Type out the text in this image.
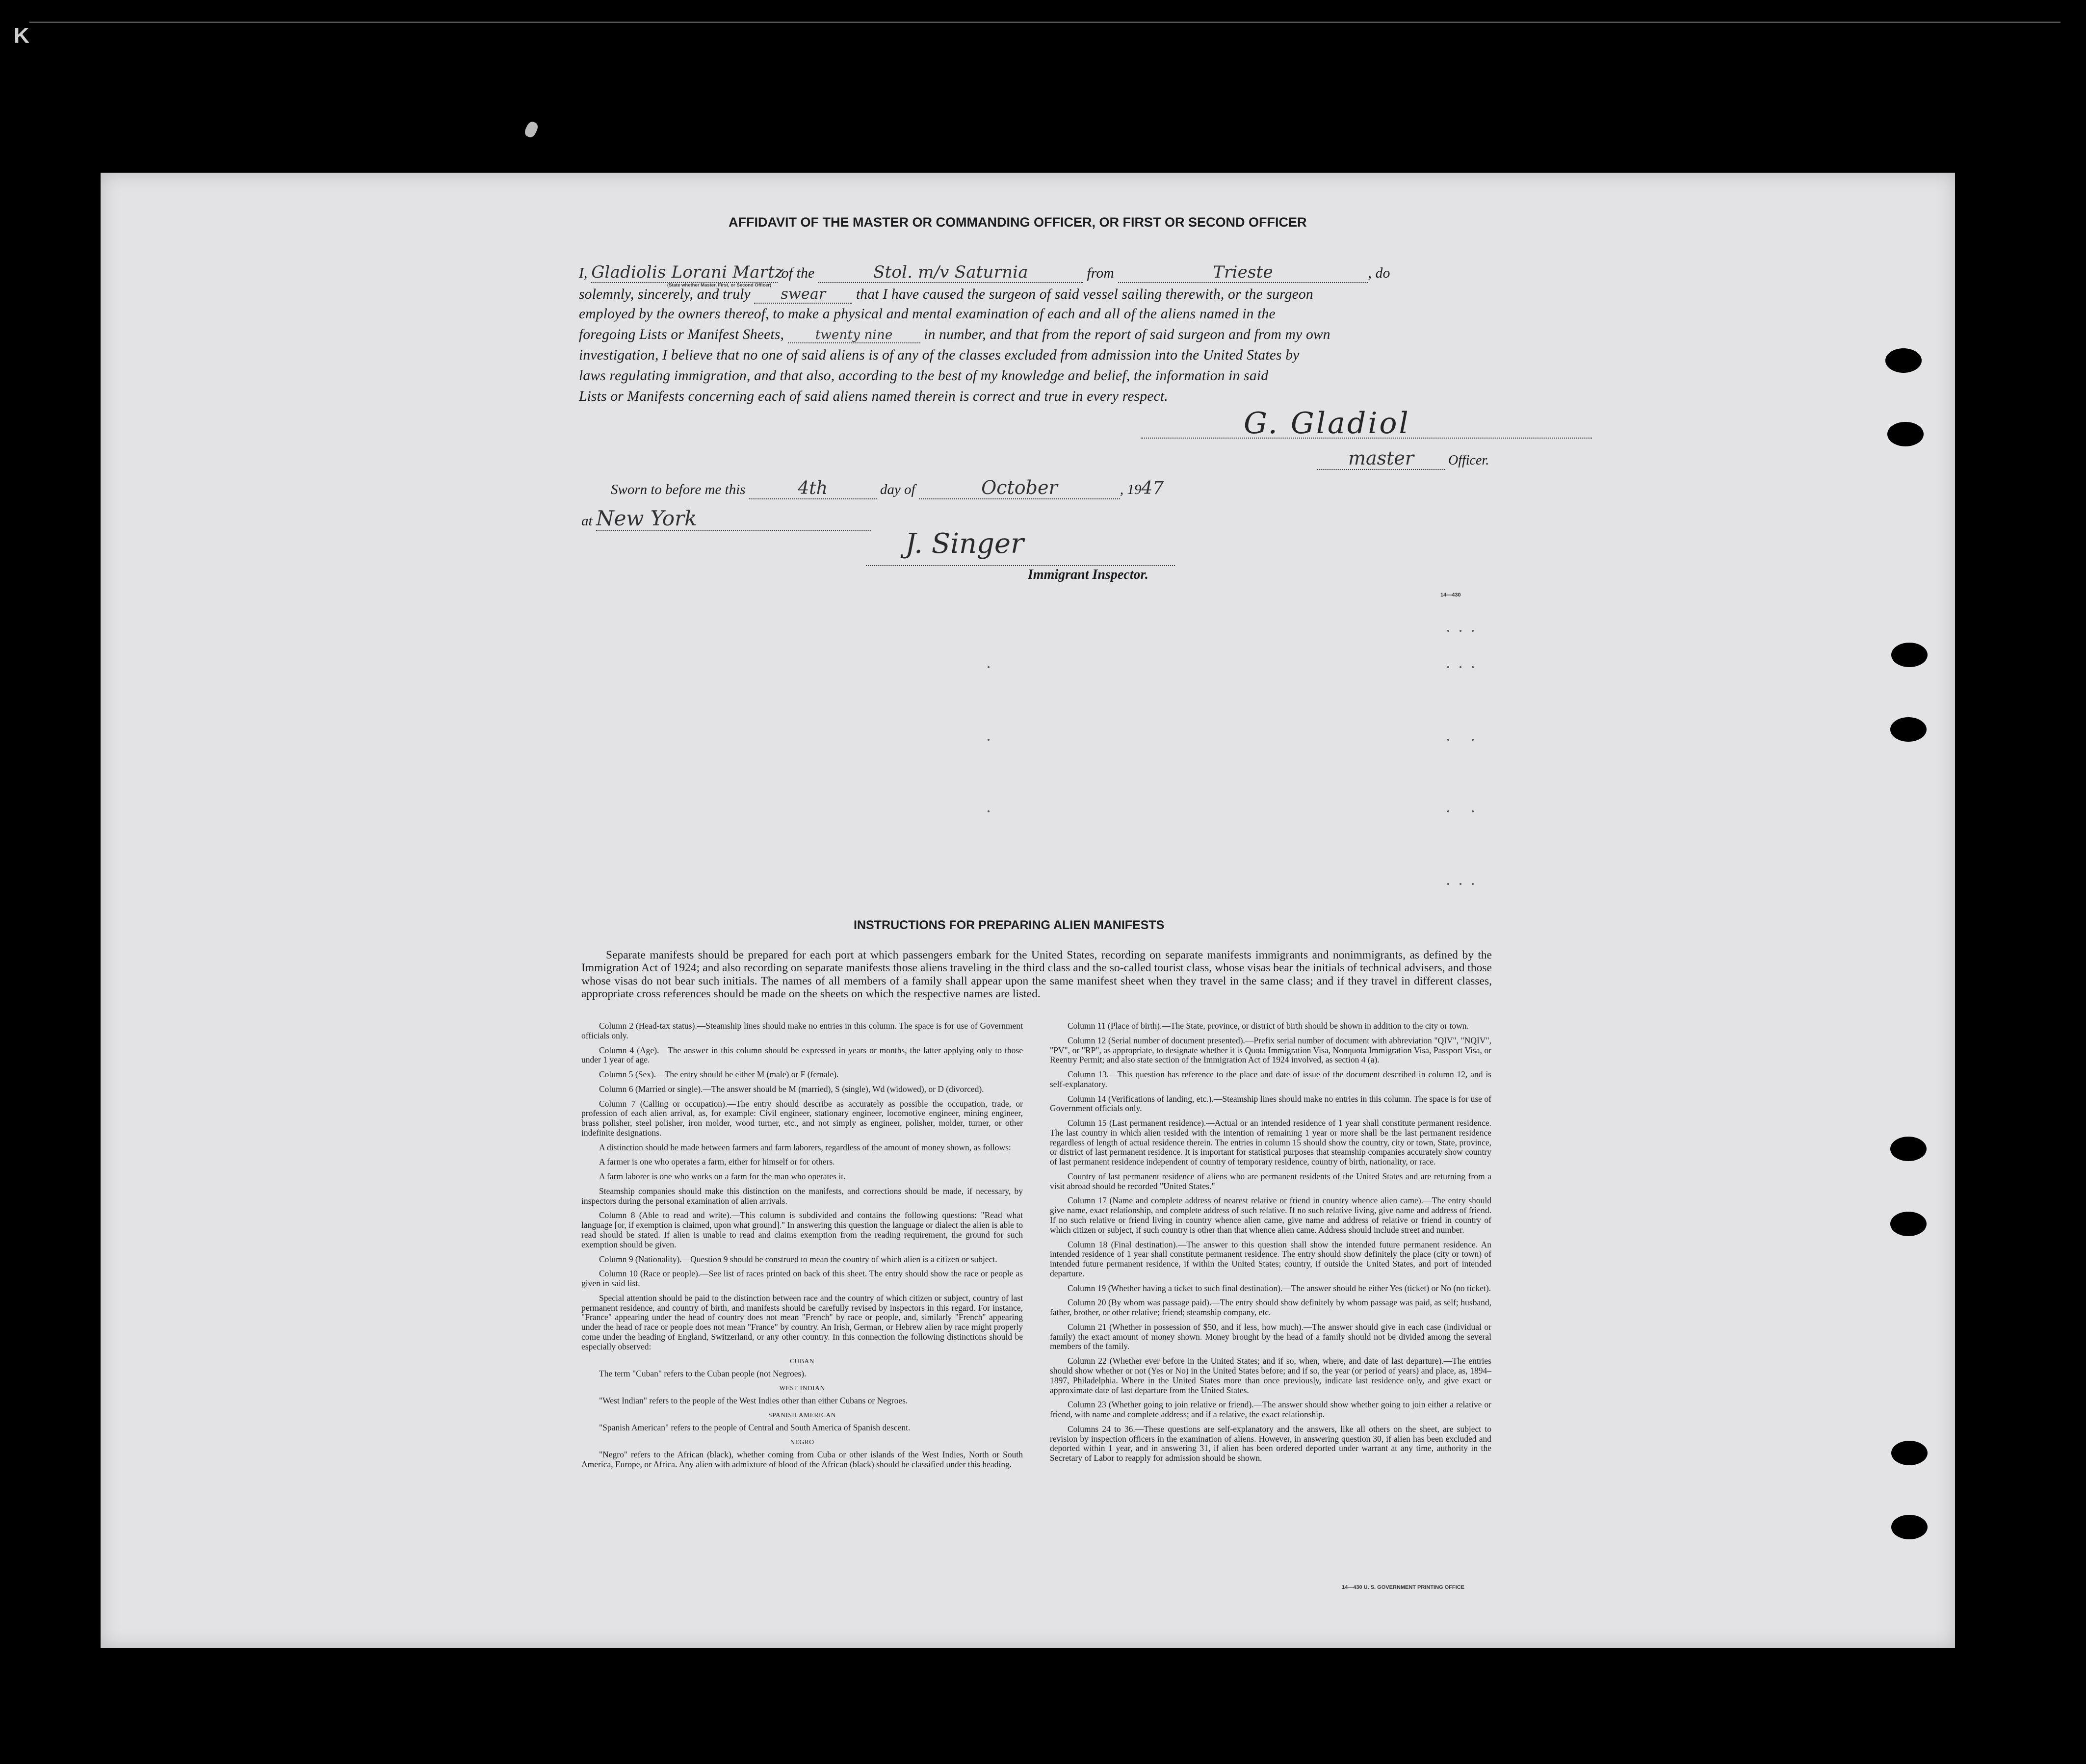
K
AFFIDAVIT OF THE MASTER OR COMMANDING OFFICER, OR FIRST OR SECOND OFFICER
I, Gladiolis Lorani Martz of the	Stol. m/v Saturnia	from	Trieste	, do
(State whether Master, First, or Second Officer)
solemnly, sincerely, and truly swear that I have caused the surgeon of said vessel sailing therewith, or the surgeon
employed by the owners thereof, to make a physical and mental examination of each and all of the aliens named in the
foregoing Lists or Manifest Sheets, twenty nine in number, and that from the report of said surgeon and from my own
investigation, I believe that no one of said aliens is of any of the classes excluded from admission into the United States by
laws regulating immigration, and that also, according to the best of my knowledge and belief, the information in said
Lists or Manifests concerning each of said aliens named therein is correct and true in every respect.
G. Gladiol
master Officer.
Sworn to before me this	4th	day of	October	, 1947
at New York
J. Singer
Immigrant Inspector.
14—430
INSTRUCTIONS FOR PREPARING ALIEN MANIFESTS

Separate manifests should be prepared for each port at which passengers embark for the United States, recording on separate manifests immigrants and nonimmigrants, as defined by the Immigration Act of 1924; and also recording on separate manifests those aliens traveling in the third class and the so-called tourist class, whose visas bear the initials of technical advisers, and those whose visas do not bear such initials. The names of all members of a family shall appear upon the same manifest sheet when they travel in the same class; and if they travel in different classes, appropriate cross references should be made on the sheets on which the respective names are listed.

Column 2 (Head-tax status).—Steamship lines should make no entries in this column. The space is for use of Government officials only.

Column 4 (Age).—The answer in this column should be expressed in years or months, the latter applying only to those under 1 year of age.

Column 5 (Sex).—The entry should be either M (male) or F (female).

Column 6 (Married or single).—The answer should be M (married), S (single), Wd (widowed), or D (divorced).

Column 7 (Calling or occupation).—The entry should describe as accurately as possible the occupation, trade, or profession of each alien arrival, as, for example: Civil engineer, stationary engineer, locomotive engineer, mining engineer, brass polisher, steel polisher, iron molder, wood turner, etc., and not simply as engineer, polisher, molder, turner, or other indefinite designations.

A distinction should be made between farmers and farm laborers, regardless of the amount of money shown, as follows:

A farmer is one who operates a farm, either for himself or for others.

A farm laborer is one who works on a farm for the man who operates it.

Steamship companies should make this distinction on the manifests, and corrections should be made, if necessary, by inspectors during the personal examination of alien arrivals.

Column 8 (Able to read and write).—This column is subdivided and contains the following questions: "Read what language [or, if exemption is claimed, upon what ground]." In answering this question the language or dialect the alien is able to read should be stated. If alien is unable to read and claims exemption from the reading requirement, the ground for such exemption should be given.

Column 9 (Nationality).—Question 9 should be construed to mean the country of which alien is a citizen or subject.

Column 10 (Race or people).—See list of races printed on back of this sheet. The entry should show the race or people as given in said list.

Special attention should be paid to the distinction between race and the country of which citizen or subject, country of last permanent residence, and country of birth, and manifests should be carefully revised by inspectors in this regard. For instance, "France" appearing under the head of country does not mean "French" by race or people, and, similarly "French" appearing under the head of race or people does not mean "France" by country. An Irish, German, or Hebrew alien by race might properly come under the heading of England, Switzerland, or any other country. In this connection the following distinctions should be especially observed:

CUBAN

The term "Cuban" refers to the Cuban people (not Negroes).

WEST INDIAN

"West Indian" refers to the people of the West Indies other than either Cubans or Negroes.

SPANISH AMERICAN

"Spanish American" refers to the people of Central and South America of Spanish descent.

NEGRO

"Negro" refers to the African (black), whether coming from Cuba or other islands of the West Indies, North or South America, Europe, or Africa. Any alien with admixture of blood of the African (black) should be classified under this heading.

Column 11 (Place of birth).—The State, province, or district of birth should be shown in addition to the city or town.

Column 12 (Serial number of document presented).—Prefix serial number of document with abbreviation "QIV", "NQIV", "PV", or "RP", as appropriate, to designate whether it is Quota Immigration Visa, Nonquota Immigration Visa, Passport Visa, or Reentry Permit; and also state section of the Immigration Act of 1924 involved, as section 4 (a).

Column 13.—This question has reference to the place and date of issue of the document described in column 12, and is self-explanatory.

Column 14 (Verifications of landing, etc.).—Steamship lines should make no entries in this column. The space is for use of Government officials only.

Column 15 (Last permanent residence).—Actual or an intended residence of 1 year shall constitute permanent residence. The last country in which alien resided with the intention of remaining 1 year or more shall be the last permanent residence regardless of length of actual residence therein. The entries in column 15 should show the country, city or town, State, province, or district of last permanent residence. It is important for statistical purposes that steamship companies accurately show country of last permanent residence independent of country of temporary residence, country of birth, nationality, or race.

Country of last permanent residence of aliens who are permanent residents of the United States and are returning from a visit abroad should be recorded "United States."

Column 17 (Name and complete address of nearest relative or friend in country whence alien came).—The entry should give name, exact relationship, and complete address of such relative. If no such relative living, give name and address of friend. If no such relative or friend living in country whence alien came, give name and address of relative or friend in country of which citizen or subject, if such country is other than that whence alien came. Address should include street and number.

Column 18 (Final destination).—The answer to this question shall show the intended future permanent residence. An intended residence of 1 year shall constitute permanent residence. The entry should show definitely the place (city or town) of intended future permanent residence, if within the United States; country, if outside the United States, and port of intended departure.

Column 19 (Whether having a ticket to such final destination).—The answer should be either Yes (ticket) or No (no ticket).

Column 20 (By whom was passage paid).—The entry should show definitely by whom passage was paid, as self; husband, father, brother, or other relative; friend; steamship company, etc.

Column 21 (Whether in possession of $50, and if less, how much).—The answer should give in each case (individual or family) the exact amount of money shown. Money brought by the head of a family should not be divided among the several members of the family.

Column 22 (Whether ever before in the United States; and if so, when, where, and date of last departure).—The entries should show whether or not (Yes or No) in the United States before; and if so, the year (or period of years) and place, as, 1894–1897, Philadelphia. Where in the United States more than once previously, indicate last residence only, and give exact or approximate date of last departure from the United States.

Column 23 (Whether going to join relative or friend).—The answer should show whether going to join either a relative or friend, with name and complete address; and if a relative, the exact relationship.

Columns 24 to 36.—These questions are self-explanatory and the answers, like all others on the sheet, are subject to revision by inspection officers in the examination of aliens. However, in answering question 30, if alien has been excluded and deported within 1 year, and in answering 31, if alien has been ordered deported under warrant at any time, authority in the Secretary of Labor to reapply for admission should be shown.

14—430 U. S. GOVERNMENT PRINTING OFFICE
